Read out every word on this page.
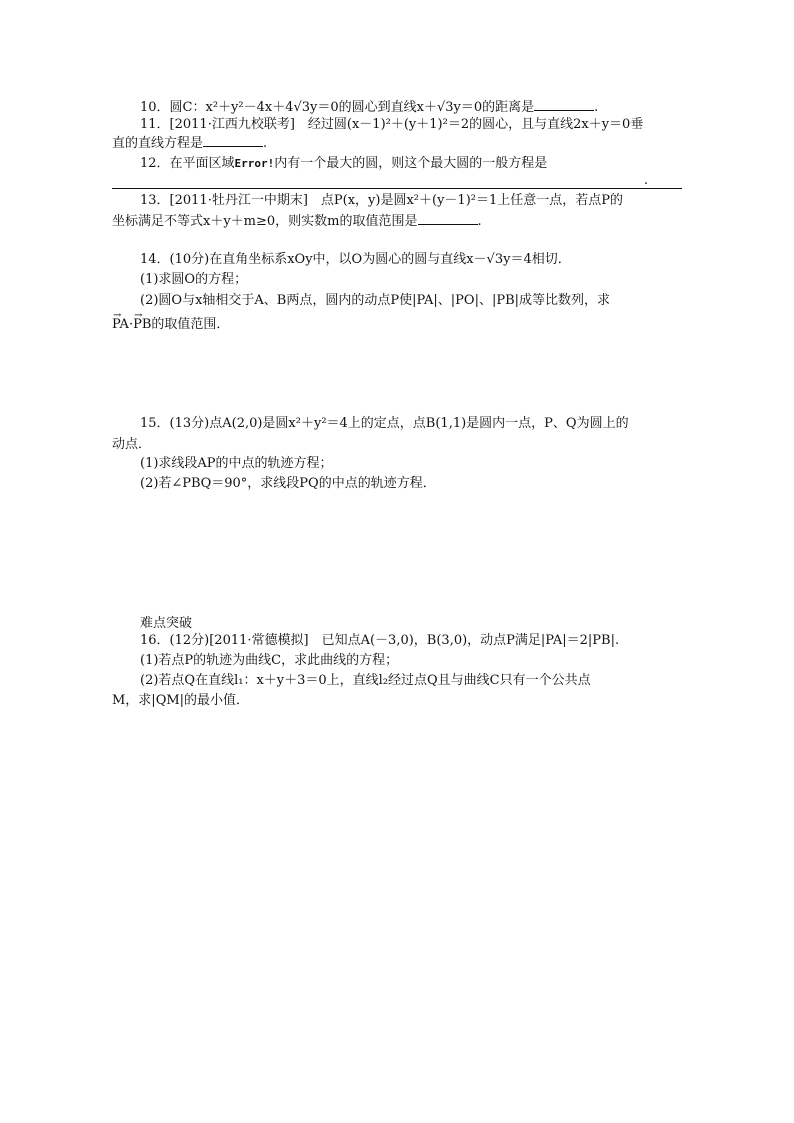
10．圆C：x²＋y²－4x＋4√3y＝0的圆心到直线x＋√3y＝0的距离是	.
11．[2011·江西九校联考]　经过圆(x－1)²＋(y＋1)²＝2的圆心，且与直线2x＋y＝0垂
直的直线方程是	.
12．在平面区域Error!内有一个最大的圆，则这个最大圆的一般方程是
.
13．[2011·牡丹江一中期末]　点P(x，y)是圆x²＋(y－1)²＝1上任意一点，若点P的
坐标满足不等式x＋y＋m≥0，则实数m的取值范围是	.
14．(10分)在直角坐标系xOy中，以O为圆心的圆与直线x－√3y＝4相切．
(1)求圆O的方程；
(2)圆O与x轴相交于A、B两点，圆内的动点P使|PA|、|PO|、|PB|成等比数列，求
→ PA·→ PB的取值范围．
15．(13分)点A(2,0)是圆x²＋y²＝4上的定点，点B(1,1)是圆内一点，P、Q为圆上的
动点．
(1)求线段AP的中点的轨迹方程；
(2)若∠PBQ＝90°，求线段PQ的中点的轨迹方程．
难点突破
16．(12分)[2011·常德模拟]　已知点A(－3,0)，B(3,0)，动点P满足|PA|＝2|PB|.
(1)若点P的轨迹为曲线C，求此曲线的方程；
(2)若点Q在直线l₁：x＋y＋3＝0上，直线l₂经过点Q且与曲线C只有一个公共点
M，求|QM|的最小值．
